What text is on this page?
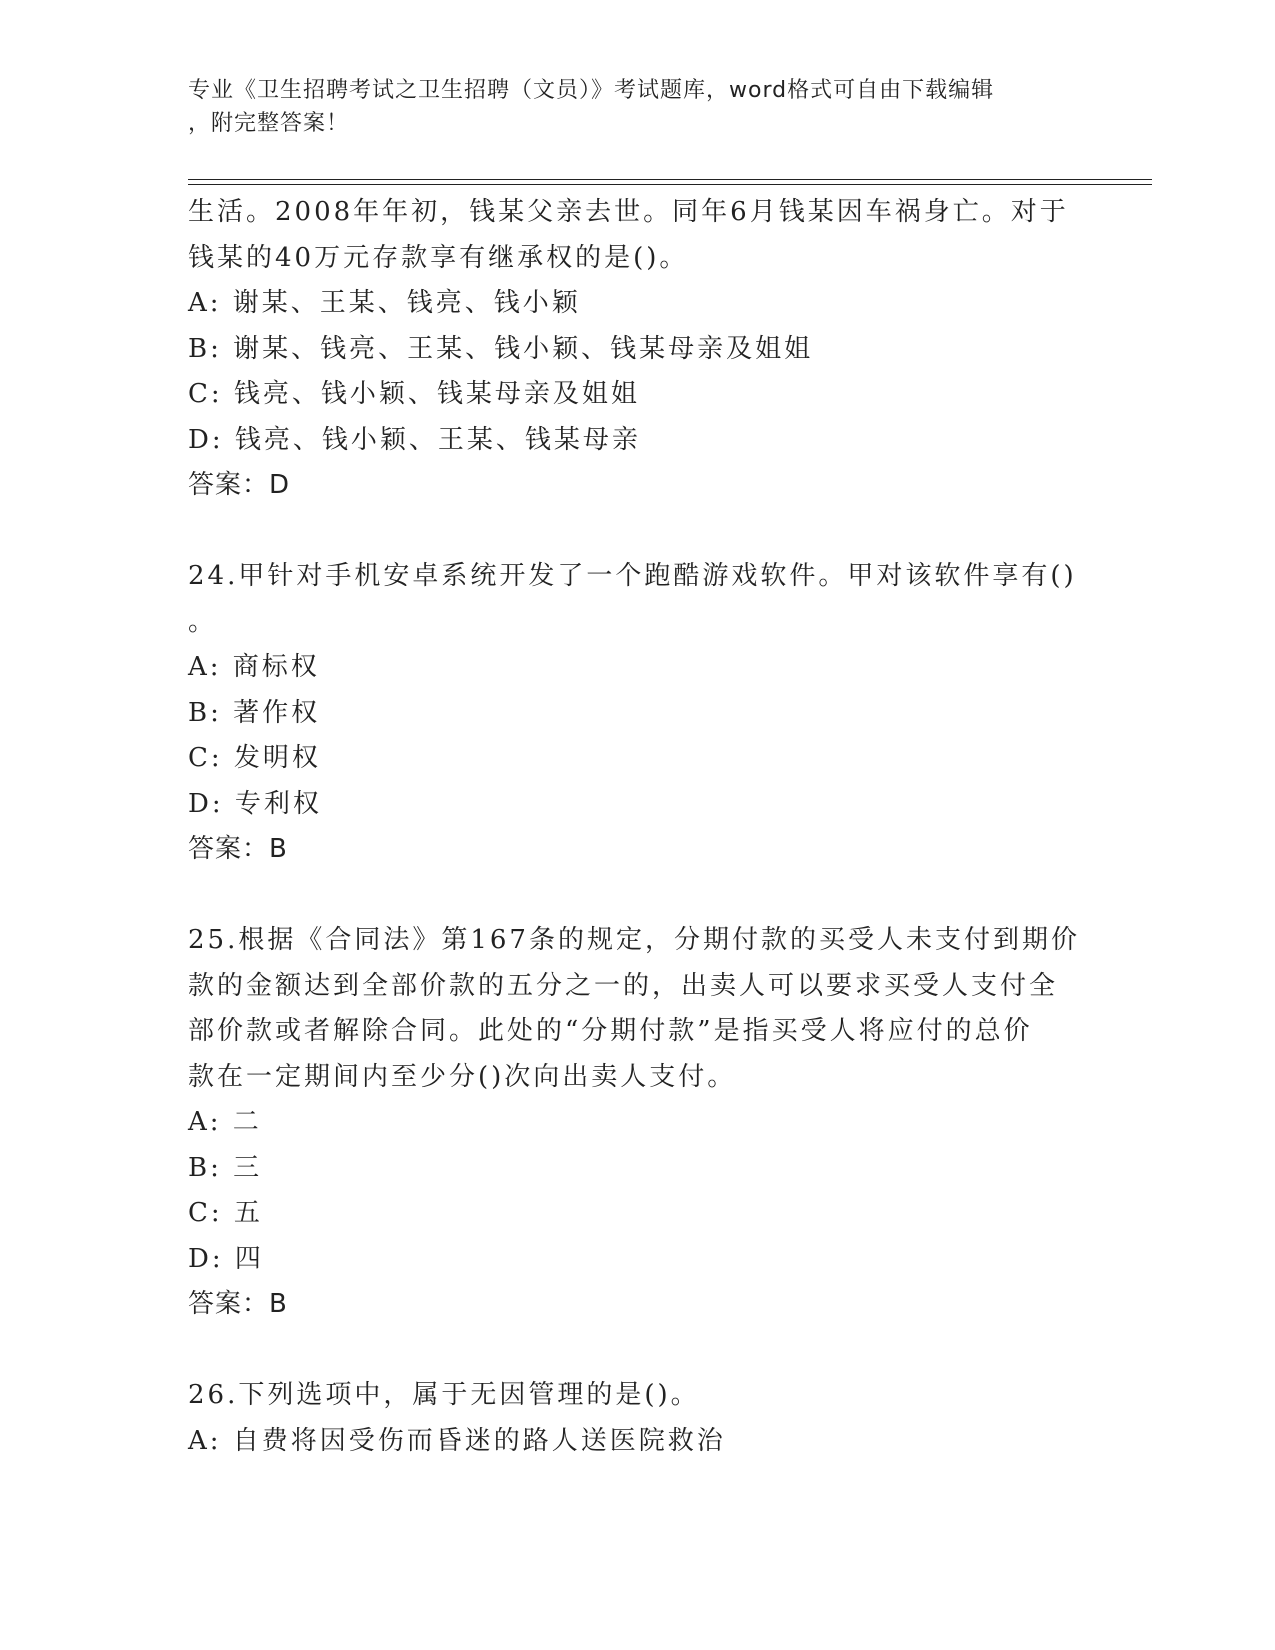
专业《卫生招聘考试之卫生招聘（文员）》考试题库，word格式可自由下载编辑
，附完整答案！
生活。2008年年初，钱某父亲去世。同年6月钱某因车祸身亡。对于
钱某的40万元存款享有继承权的是()。
A: 谢某、王某、钱亮、钱小颖
B: 谢某、钱亮、王某、钱小颖、钱某母亲及姐姐
C: 钱亮、钱小颖、钱某母亲及姐姐
D: 钱亮、钱小颖、王某、钱某母亲
答案：D
24.甲针对手机安卓系统开发了一个跑酷游戏软件。甲对该软件享有()
。
A: 商标权
B: 著作权
C: 发明权
D: 专利权
答案：B
25.根据《合同法》第167条的规定，分期付款的买受人未支付到期价
款的金额达到全部价款的五分之一的，出卖人可以要求买受人支付全
部价款或者解除合同。此处的“分期付款”是指买受人将应付的总价
款在一定期间内至少分()次向出卖人支付。
A: 二
B: 三
C: 五
D: 四
答案：B
26.下列选项中，属于无因管理的是()。
A: 自费将因受伤而昏迷的路人送医院救治
